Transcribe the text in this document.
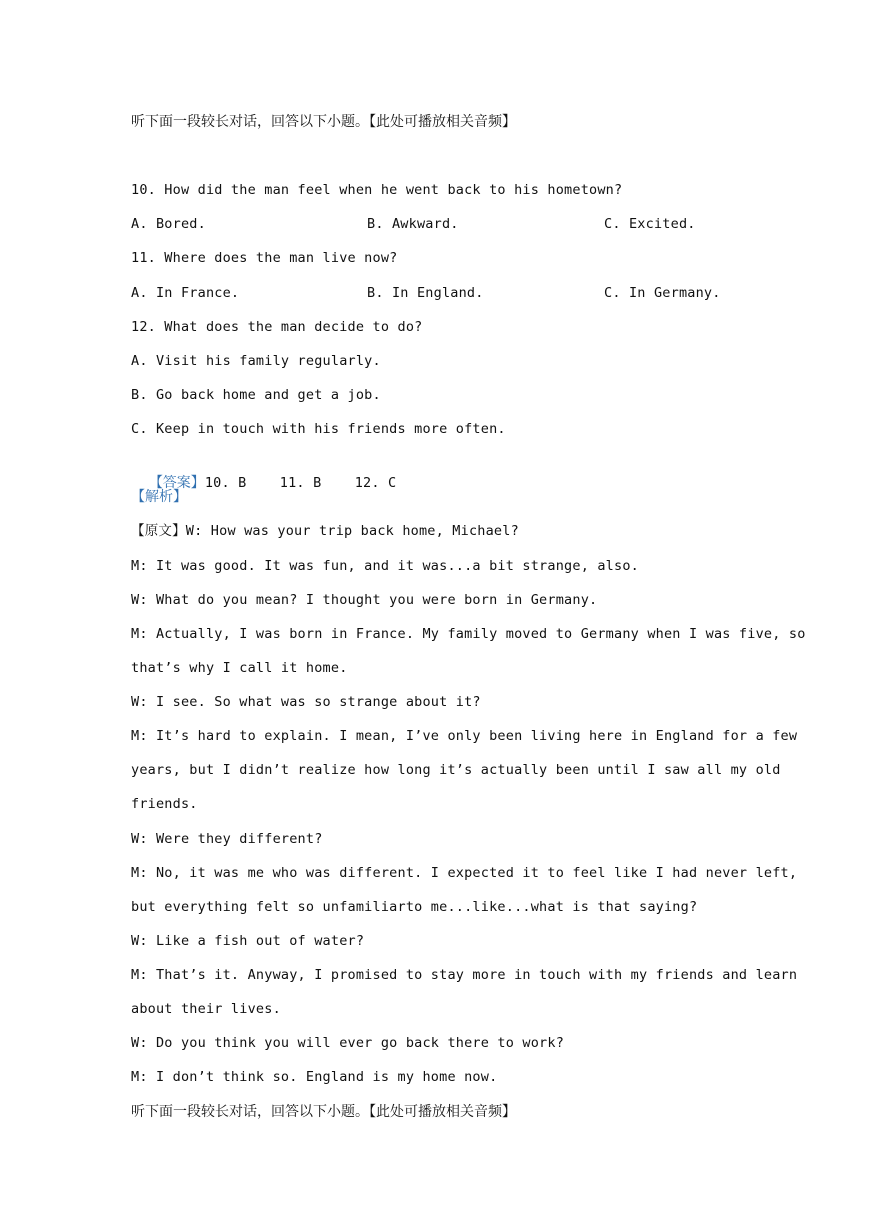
听下面一段较长对话，回答以下小题。【此处可播放相关音频】
10. How did the man feel when he went back to his hometown?
A. Bored.	B. Awkward.	C. Excited.
11. Where does the man live now?
A. In France.	B. In England.	C. In Germany.
12. What does the man decide to do?
A. Visit his family regularly.
B. Go back home and get a job.
C. Keep in touch with his friends more often.

【答案】10. B    11. B    12. C

【解析】
【原文】W: How was your trip back home, Michael?
M: It was good. It was fun, and it was...a bit strange, also.
W: What do you mean? I thought you were born in Germany.
M: Actually, I was born in France. My family moved to Germany when I was five, so
that’s why I call it home.
W: I see. So what was so strange about it?
M: It’s hard to explain. I mean, I’ve only been living here in England for a few
years, but I didn’t realize how long it’s actually been until I saw all my old
friends.
W: Were they different?
M: No, it was me who was different. I expected it to feel like I had never left,
but everything felt so unfamiliarto me...like...what is that saying?
W: Like a fish out of water?
M: That’s it. Anyway, I promised to stay more in touch with my friends and learn
about their lives.
W: Do you think you will ever go back there to work?
M: I don’t think so. England is my home now.
听下面一段较长对话，回答以下小题。【此处可播放相关音频】
